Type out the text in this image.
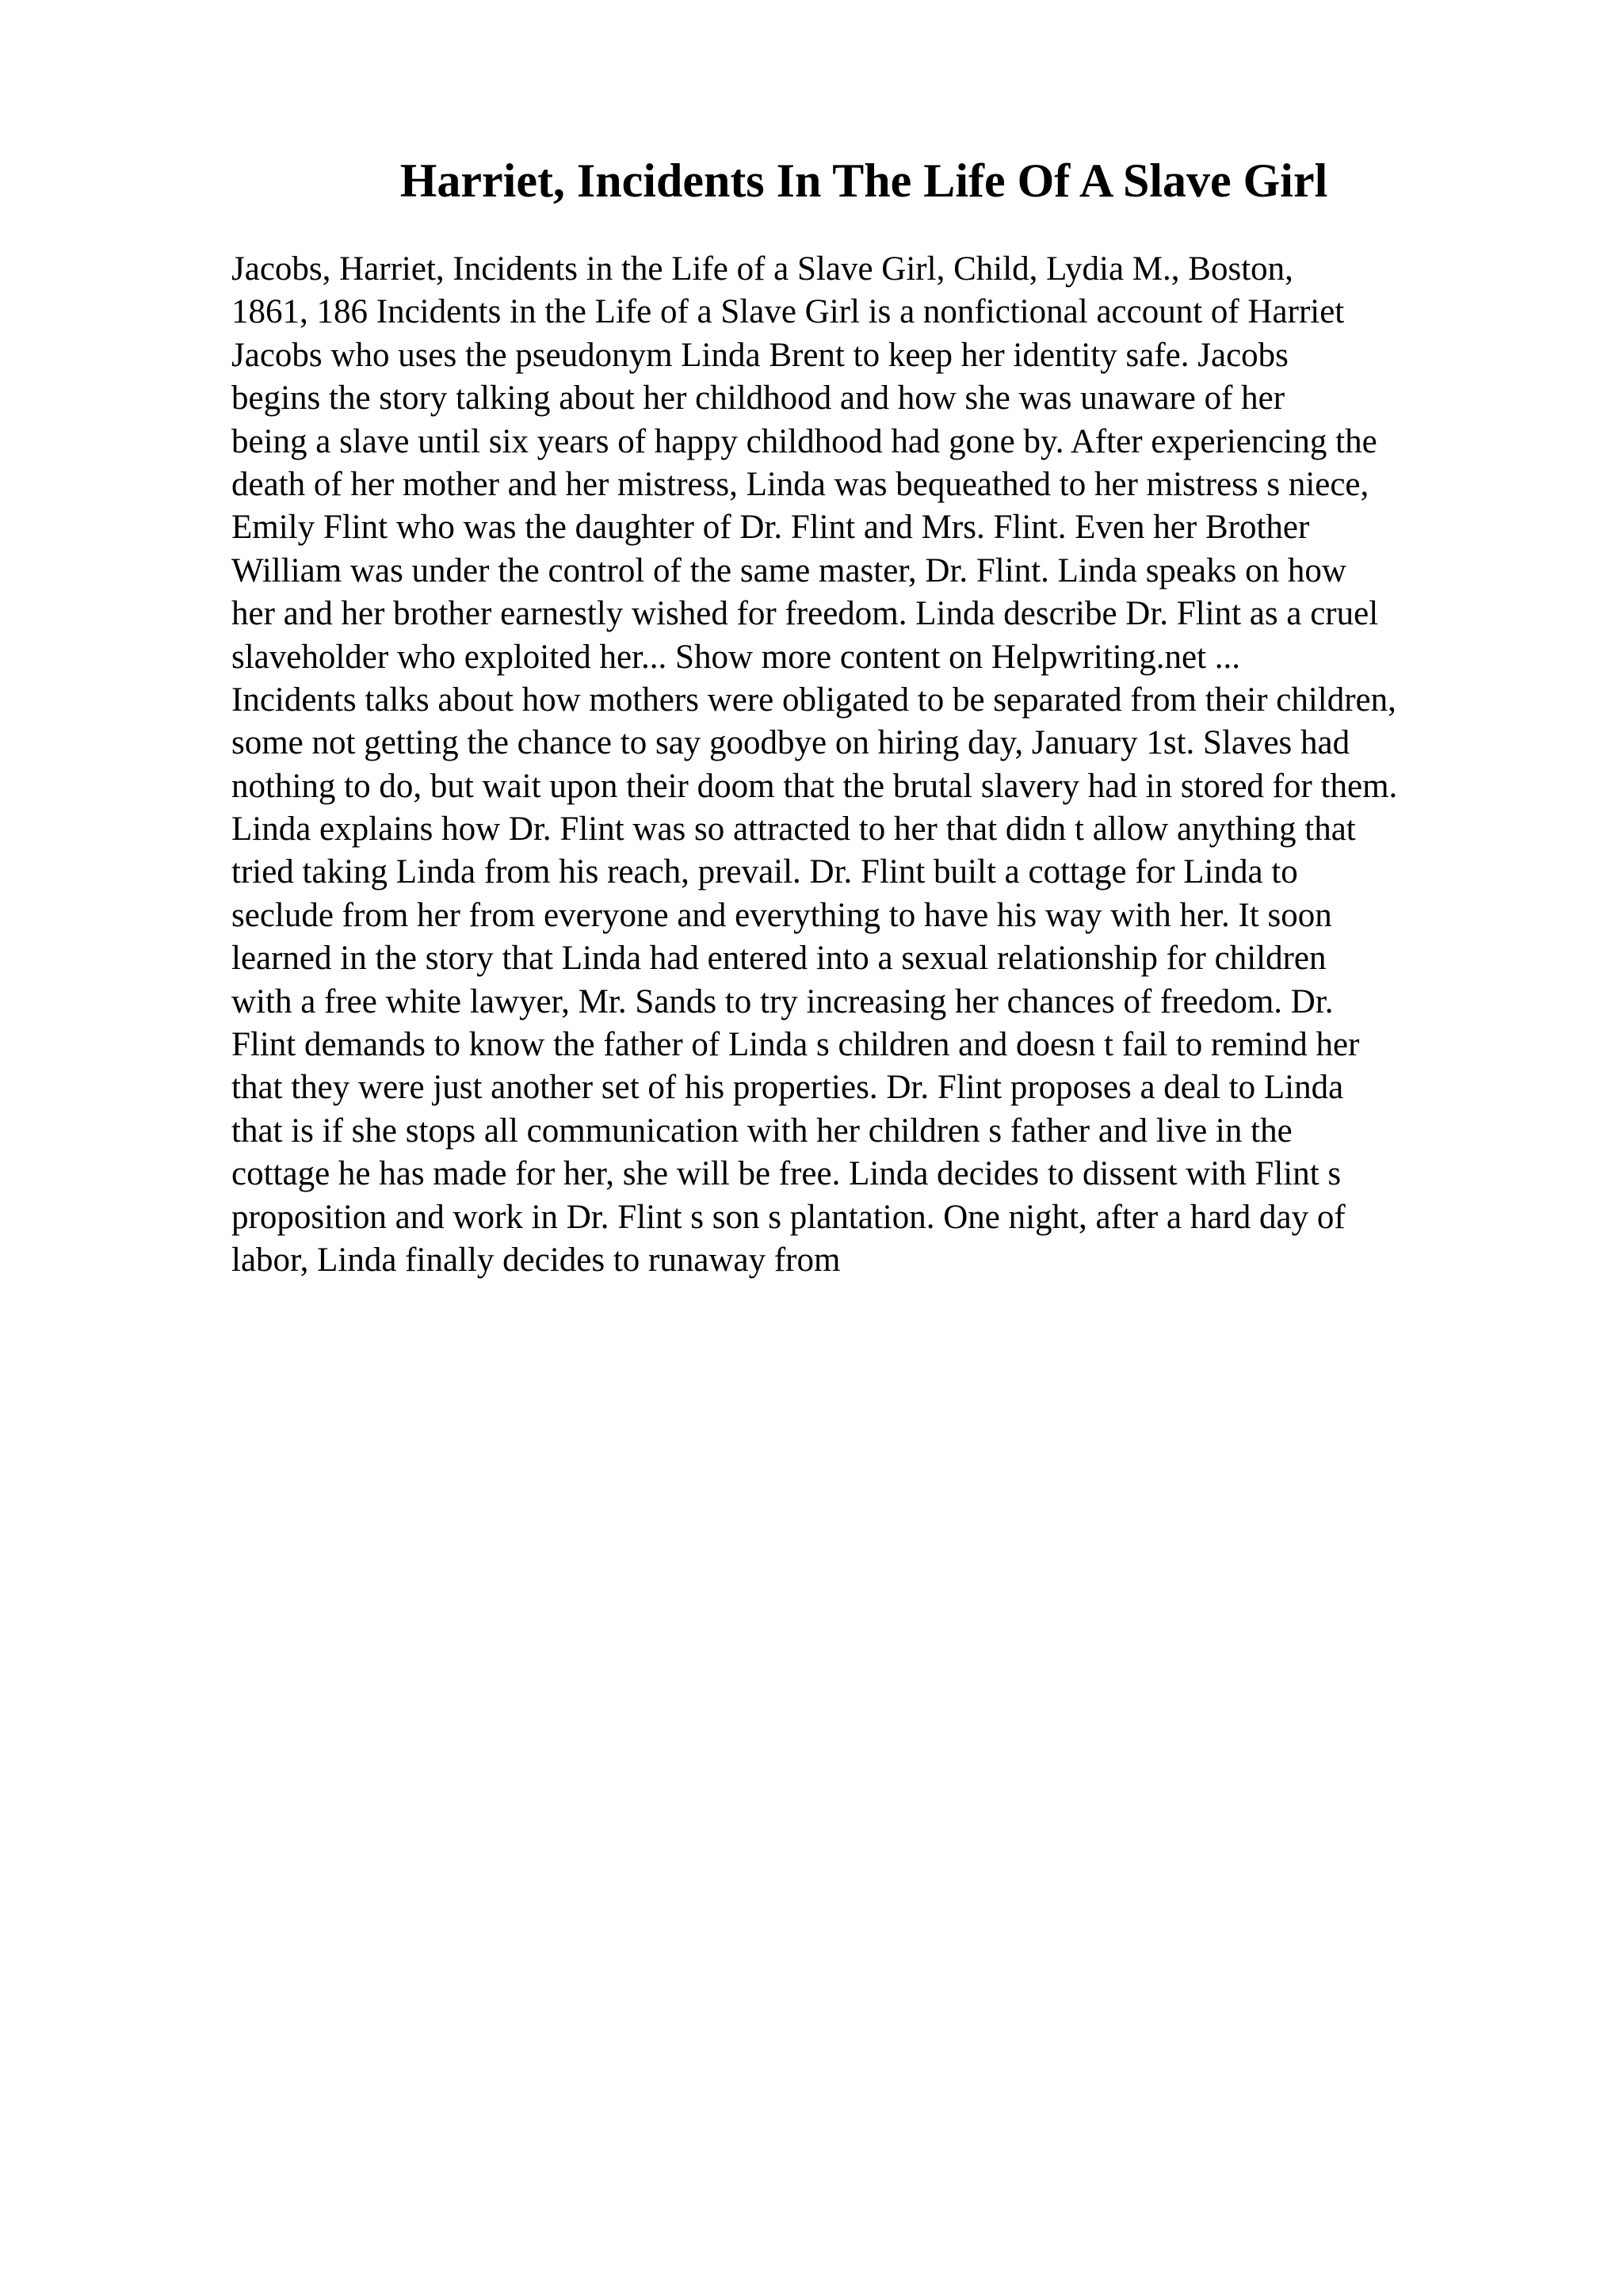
Harriet, Incidents In The Life Of A Slave Girl
Jacobs, Harriet, Incidents in the Life of a Slave Girl, Child, Lydia M., Boston,
1861, 186 Incidents in the Life of a Slave Girl is a nonfictional account of Harriet
Jacobs who uses the pseudonym Linda Brent to keep her identity safe. Jacobs
begins the story talking about her childhood and how she was unaware of her
being a slave until six years of happy childhood had gone by. After experiencing the
death of her mother and her mistress, Linda was bequeathed to her mistress s niece,
Emily Flint who was the daughter of Dr. Flint and Mrs. Flint. Even her Brother
William was under the control of the same master, Dr. Flint. Linda speaks on how
her and her brother earnestly wished for freedom. Linda describe Dr. Flint as a cruel
slaveholder who exploited her... Show more content on Helpwriting.net ...
Incidents talks about how mothers were obligated to be separated from their children,
some not getting the chance to say goodbye on hiring day, January 1st. Slaves had
nothing to do, but wait upon their doom that the brutal slavery had in stored for them.
Linda explains how Dr. Flint was so attracted to her that didn t allow anything that
tried taking Linda from his reach, prevail. Dr. Flint built a cottage for Linda to
seclude from her from everyone and everything to have his way with her. It soon
learned in the story that Linda had entered into a sexual relationship for children
with a free white lawyer, Mr. Sands to try increasing her chances of freedom. Dr.
Flint demands to know the father of Linda s children and doesn t fail to remind her
that they were just another set of his properties. Dr. Flint proposes a deal to Linda
that is if she stops all communication with her children s father and live in the
cottage he has made for her, she will be free. Linda decides to dissent with Flint s
proposition and work in Dr. Flint s son s plantation. One night, after a hard day of
labor, Linda finally decides to runaway from
